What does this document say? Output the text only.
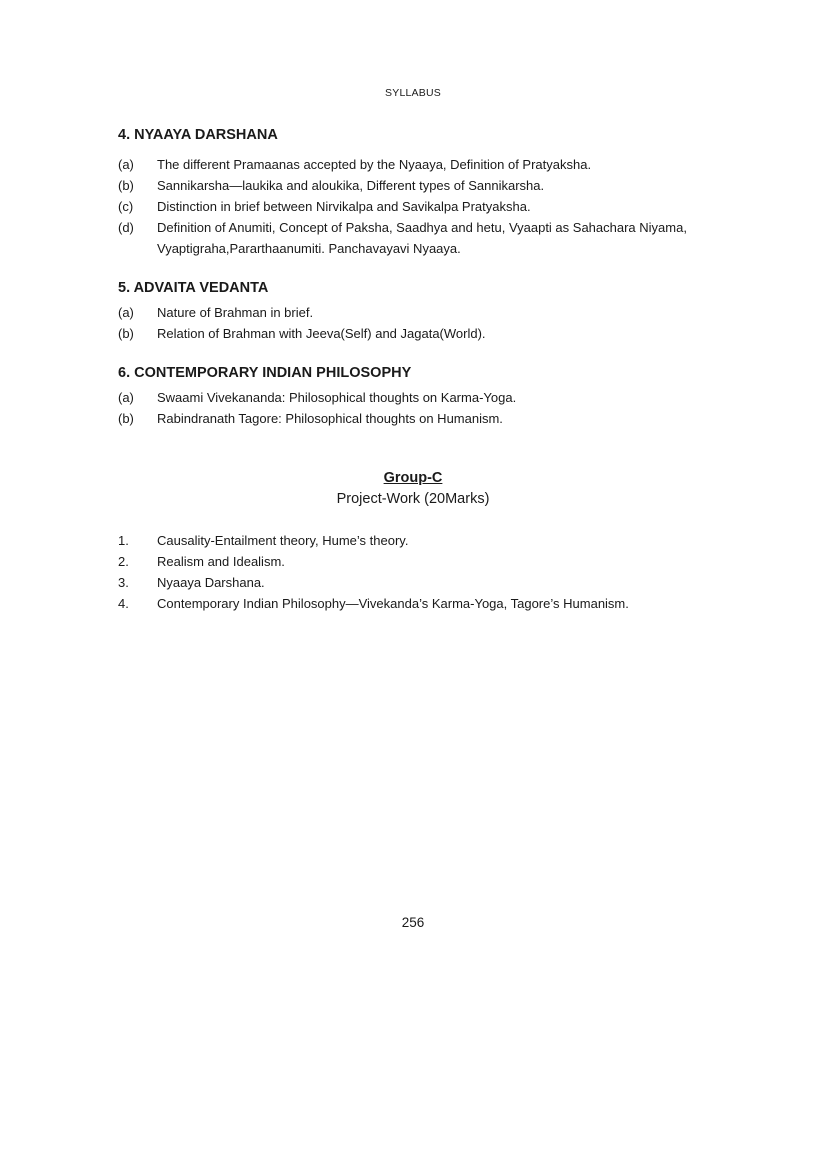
SYLLABUS
4. NYAAYA DARSHANA
(a)	The different Pramaanas accepted by the Nyaaya, Definition of Pratyaksha.
(b)	Sannikarsha—laukika and aloukika, Different types of Sannikarsha.
(c)	Distinction in brief between Nirvikalpa and Savikalpa Pratyaksha.
(d)	Definition of Anumiti, Concept of Paksha, Saadhya and hetu, Vyaapti as Sahachara Niyama, Vyaptigraha,Pararthaanumiti. Panchavayavi Nyaaya.
5. ADVAITA VEDANTA
(a)	Nature of Brahman in brief.
(b)	Relation of Brahman with Jeeva(Self) and Jagata(World).
6. CONTEMPORARY INDIAN PHILOSOPHY
(a)	Swaami Vivekananda: Philosophical thoughts on Karma-Yoga.
(b)	Rabindranath Tagore: Philosophical thoughts on Humanism.
Group-C
Project-Work (20Marks)
1.	Causality-Entailment theory, Hume’s theory.
2.	Realism and Idealism.
3.	Nyaaya Darshana.
4.	Contemporary Indian Philosophy—Vivekanda’s Karma-Yoga, Tagore’s Humanism.
256
